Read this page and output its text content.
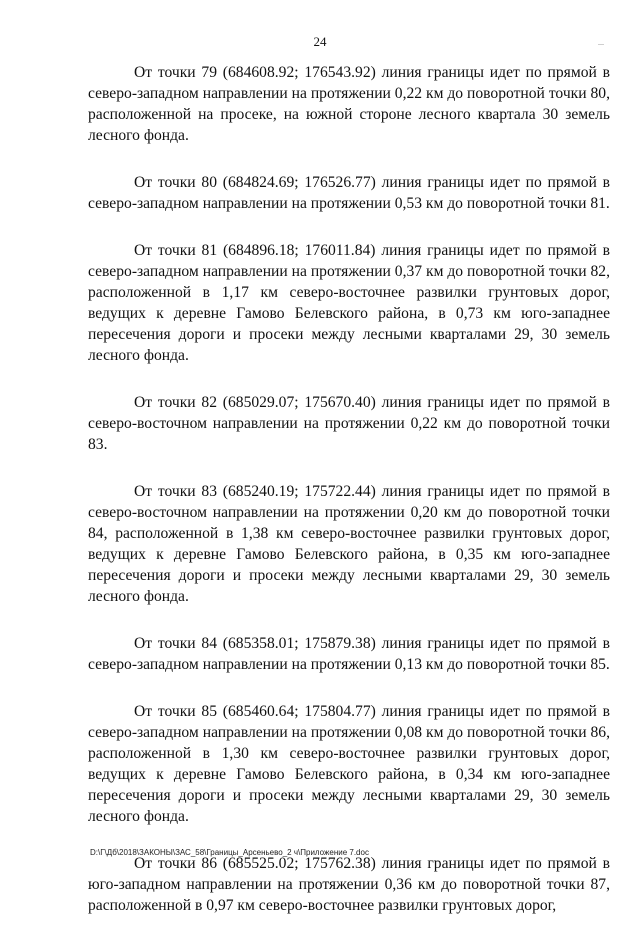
24

От точки 79 (684608.92; 176543.92) линия границы идет по прямой в северо-западном направлении на протяжении 0,22 км до поворотной точки 80, расположенной на просеке, на южной стороне лесного квартала 30 земель лесного фонда.

От точки 80 (684824.69; 176526.77) линия границы идет по прямой в северо-западном направлении на протяжении 0,53 км до поворотной точки 81.

От точки 81 (684896.18; 176011.84) линия границы идет по прямой в северо-западном направлении на протяжении 0,37 км до поворотной точки 82, расположенной в 1,17 км северо-восточнее развилки грунтовых дорог, ведущих к деревне Гамово Белевского района, в 0,73 км юго-западнее пересечения дороги и просеки между лесными кварталами 29, 30 земель лесного фонда.

От точки 82 (685029.07; 175670.40) линия границы идет по прямой в северо-восточном направлении на протяжении 0,22 км до поворотной точки 83.

От точки 83 (685240.19; 175722.44) линия границы идет по прямой в северо-восточном направлении на протяжении 0,20 км до поворотной точки 84, расположенной в 1,38 км северо-восточнее развилки грунтовых дорог, ведущих к деревне Гамово Белевского района, в 0,35 км юго-западнее пересечения дороги и просеки между лесными кварталами 29, 30 земель лесного фонда.

От точки 84 (685358.01; 175879.38) линия границы идет по прямой в северо-западном направлении на протяжении 0,13 км до поворотной точки 85.

От точки 85 (685460.64; 175804.77) линия границы идет по прямой в северо-западном направлении на протяжении 0,08 км до поворотной точки 86, расположенной в 1,30 км северо-восточнее развилки грунтовых дорог, ведущих к деревне Гамово Белевского района, в 0,34 км юго-западнее пересечения дороги и просеки между лесными кварталами 29, 30 земель лесного фонда.

От точки 86 (685525.02; 175762.38) линия границы идет по прямой в юго-западном направлении на протяжении 0,36 км до поворотной точки 87, расположенной в 0,97 км северо-восточнее развилки грунтовых дорог,

D:\Г\Дб\2018\ЗАКОНЫ\ЗАС_58\Границы_Арсеньево_2 ч\Приложение 7.doc
